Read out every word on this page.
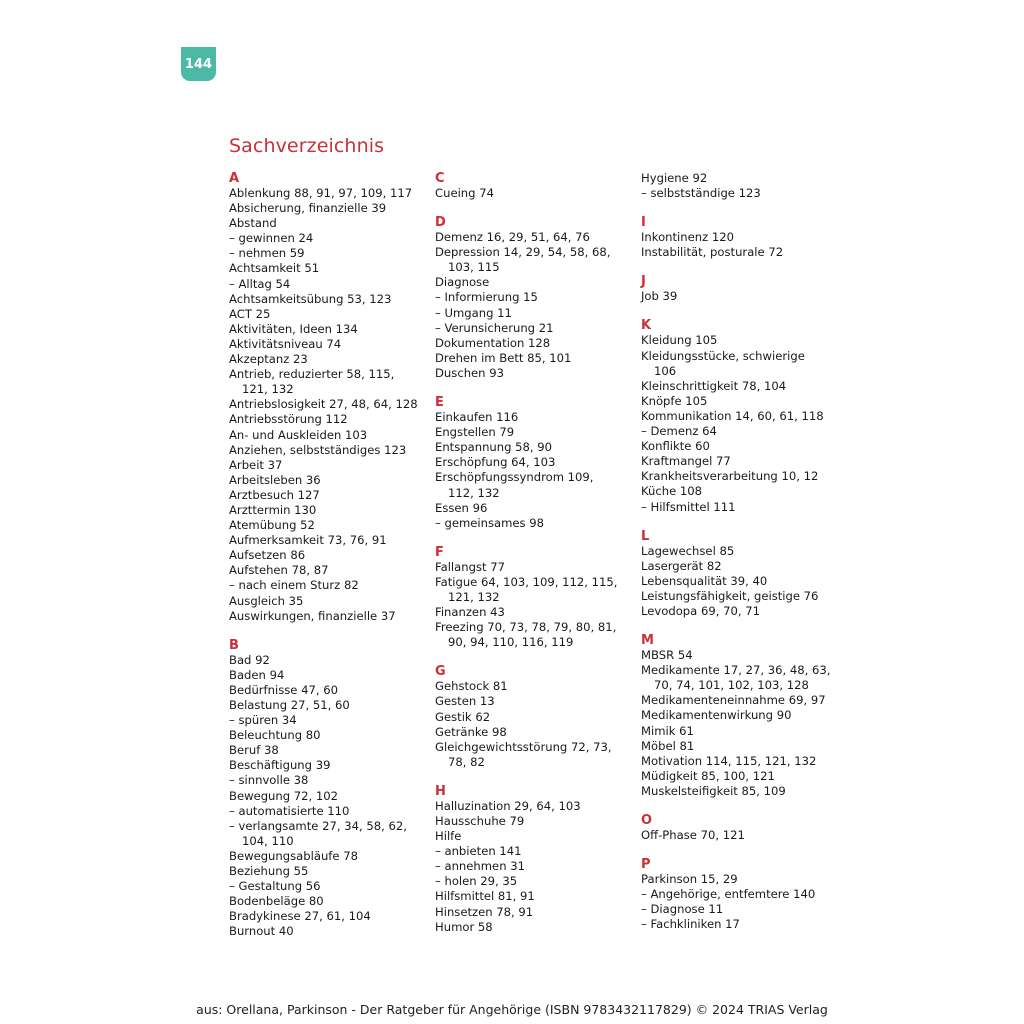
144
Sachverzeichnis
A
Ablenkung 88, 91, 97, 109, 117
Absicherung, finanzielle 39
Abstand
– gewinnen 24
– nehmen 59
Achtsamkeit 51
– Alltag 54
Achtsamkeitsübung 53, 123
ACT 25
Aktivitäten, Ideen 134
Aktivitätsniveau 74
Akzeptanz 23
Antrieb, reduzierter 58, 115,
121, 132
Antriebslosigkeit 27, 48, 64, 128
Antriebsstörung 112
An- und Auskleiden 103
Anziehen, selbstständiges 123
Arbeit 37
Arbeitsleben 36
Arztbesuch 127
Arzttermin 130
Atemübung 52
Aufmerksamkeit 73, 76, 91
Aufsetzen 86
Aufstehen 78, 87
– nach einem Sturz 82
Ausgleich 35
Auswirkungen, finanzielle 37
B
Bad 92
Baden 94
Bedürfnisse 47, 60
Belastung 27, 51, 60
– spüren 34
Beleuchtung 80
Beruf 38
Beschäftigung 39
– sinnvolle 38
Bewegung 72, 102
– automatisierte 110
– verlangsamte 27, 34, 58, 62,
104, 110
Bewegungsabläufe 78
Beziehung 55
– Gestaltung 56
Bodenbeläge 80
Bradykinese 27, 61, 104
Burnout 40
C
Cueing 74
D
Demenz 16, 29, 51, 64, 76
Depression 14, 29, 54, 58, 68,
103, 115
Diagnose
– Informierung 15
– Umgang 11
– Verunsicherung 21
Dokumentation 128
Drehen im Bett 85, 101
Duschen 93
E
Einkaufen 116
Engstellen 79
Entspannung 58, 90
Erschöpfung 64, 103
Erschöpfungssyndrom 109,
112, 132
Essen 96
– gemeinsames 98
F
Fallangst 77
Fatigue 64, 103, 109, 112, 115,
121, 132
Finanzen 43
Freezing 70, 73, 78, 79, 80, 81,
90, 94, 110, 116, 119
G
Gehstock 81
Gesten 13
Gestik 62
Getränke 98
Gleichgewichtsstörung 72, 73,
78, 82
H
Halluzination 29, 64, 103
Hausschuhe 79
Hilfe
– anbieten 141
– annehmen 31
– holen 29, 35
Hilfsmittel 81, 91
Hinsetzen 78, 91
Humor 58
Hygiene 92
– selbstständige 123
I
Inkontinenz 120
Instabilität, posturale 72
J
Job 39
K
Kleidung 105
Kleidungsstücke, schwierige
106
Kleinschrittigkeit 78, 104
Knöpfe 105
Kommunikation 14, 60, 61, 118
– Demenz 64
Konflikte 60
Kraftmangel 77
Krankheitsverarbeitung 10, 12
Küche 108
– Hilfsmittel 111
L
Lagewechsel 85
Lasergerät 82
Lebensqualität 39, 40
Leistungsfähigkeit, geistige 76
Levodopa 69, 70, 71
M
MBSR 54
Medikamente 17, 27, 36, 48, 63,
70, 74, 101, 102, 103, 128
Medikamenteneinnahme 69, 97
Medikamentenwirkung 90
Mimik 61
Möbel 81
Motivation 114, 115, 121, 132
Müdigkeit 85, 100, 121
Muskelsteifigkeit 85, 109
O
Off-Phase 70, 121
P
Parkinson 15, 29
– Angehörige, entfemtere 140
– Diagnose 11
– Fachkliniken 17
aus: Orellana, Parkinson - Der Ratgeber für Angehörige (ISBN 9783432117829) © 2024 TRIAS Verlag
